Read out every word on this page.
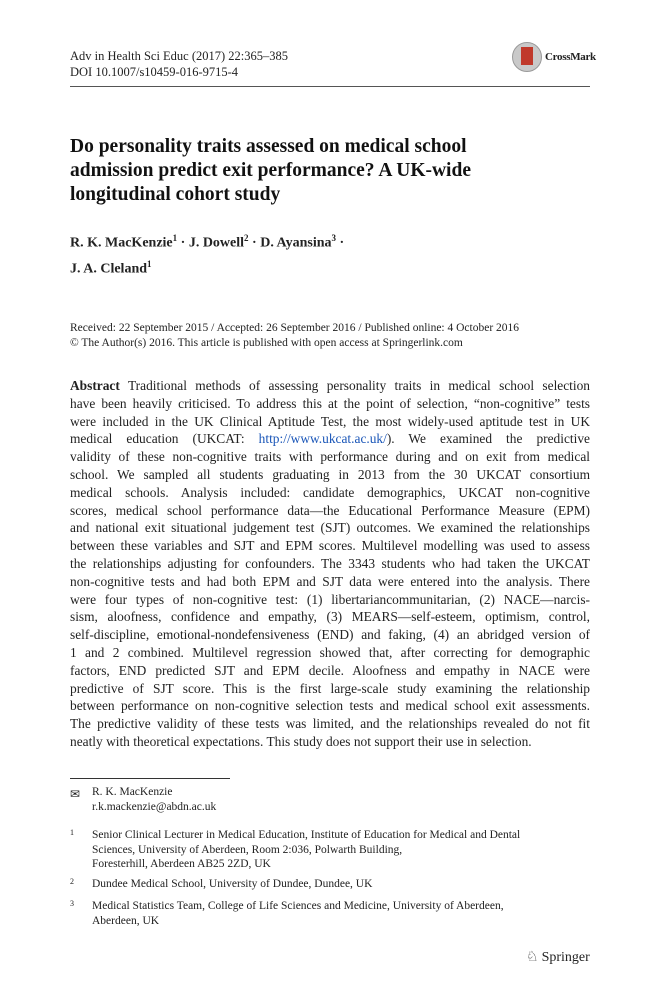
Adv in Health Sci Educ (2017) 22:365–385
DOI 10.1007/s10459-016-9715-4
CrossMark
Do personality traits assessed on medical school admission predict exit performance? A UK-wide longitudinal cohort study
R. K. MacKenzie$^1$ · J. Dowell$^2$ · D. Ayansina$^3$ ·
J. A. Cleland$^1$
Received: 22 September 2015 / Accepted: 26 September 2016 / Published online: 4 October 2016
© The Author(s) 2016. This article is published with open access at Springerlink.com
Abstract Traditional methods of assessing personality traits in medical school selection
have been heavily criticised. To address this at the point of selection, “non-cognitive” tests
were included in the UK Clinical Aptitude Test, the most widely-used aptitude test in UK
medical education (UKCAT: http://www.ukcat.ac.uk/). We examined the predictive
validity of these non-cognitive traits with performance during and on exit from medical
school. We sampled all students graduating in 2013 from the 30 UKCAT consortium
medical schools. Analysis included: candidate demographics, UKCAT non-cognitive
scores, medical school performance data—the Educational Performance Measure (EPM)
and national exit situational judgement test (SJT) outcomes. We examined the relationships
between these variables and SJT and EPM scores. Multilevel modelling was used to assess
the relationships adjusting for confounders. The 3343 students who had taken the UKCAT
non-cognitive tests and had both EPM and SJT data were entered into the analysis. There
were four types of non-cognitive test: (1) libertariancommunitarian, (2) NACE—narcis-
sism, aloofness, confidence and empathy, (3) MEARS—self-esteem, optimism, control,
self-discipline, emotional-nondefensiveness (END) and faking, (4) an abridged version of
1 and 2 combined. Multilevel regression showed that, after correcting for demographic
factors, END predicted SJT and EPM decile. Aloofness and empathy in NACE were
predictive of SJT score. This is the first large-scale study examining the relationship
between performance on non-cognitive selection tests and medical school exit assessments.
The predictive validity of these tests was limited, and the relationships revealed do not fit
neatly with theoretical expectations. This study does not support their use in selection.
✉ R. K. MacKenzie
r.k.mackenzie@abdn.ac.uk
1 Senior Clinical Lecturer in Medical Education, Institute of Education for Medical and Dental
Sciences, University of Aberdeen, Room 2:036, Polwarth Building,
Foresterhill, Aberdeen AB25 2ZD, UK
2 Dundee Medical School, University of Dundee, Dundee, UK
3 Medical Statistics Team, College of Life Sciences and Medicine, University of Aberdeen,
Aberdeen, UK
♘ Springer
